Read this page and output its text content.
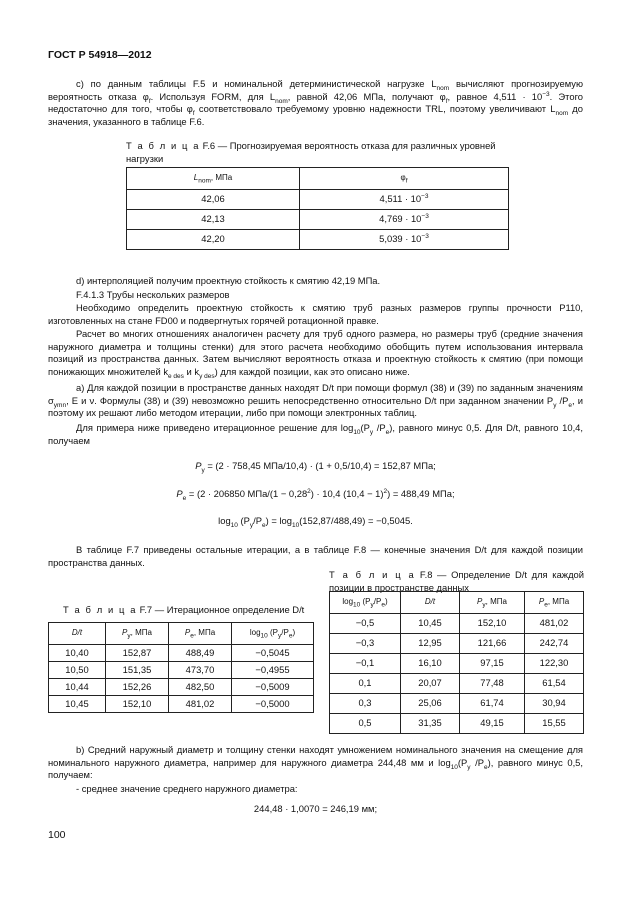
ГОСТ Р 54918—2012
c) по данным таблицы F.5 и номинальной детерминистической нагрузке $L_{nom}$ вычисляют прогнозируемую вероятность отказа $\varphi_f$. Используя FORM, для $L_{nom}$, равной 42,06 МПа, получают $\varphi_f$, равное $4,511 \cdot 10^{-3}$. Этого недостаточно для того, чтобы $\varphi_f$ соответствовало требуемому уровню надежности TRL, поэтому увеличивают $L_{nom}$ до значения, указанного в таблице F.6.
Т а б л и ц а F.6 — Прогнозируемая вероятность отказа для различных уровней нагрузки
$L_{nom}$, МПа	$\varphi_f$
42,06	$4,511 \cdot 10^{-3}$
42,13	$4,769 \cdot 10^{-3}$
42,20	$5,039 \cdot 10^{-3}$
d) интерполяцией получим проектную стойкость к смятию 42,19 МПа.
F.4.1.3 Трубы нескольких размеров
Необходимо определить проектную стойкость к смятию труб разных размеров группы прочности P110, изготовленных на стане FD00 и подвергнутых горячей ротационной правке.
Расчет во многих отношениях аналогичен расчету для труб одного размера, но размеры труб (средние значения наружного диаметра и толщины стенки) для этого расчета необходимо обобщить путем использования интервала позиций из пространства данных. Затем вычисляют вероятность отказа и проектную стойкость к смятию (при помощи понижающих множителей $k_{e des}$ и $k_{y des}$) для каждой позиции, как это описано ниже.
a) Для каждой позиции в пространстве данных находят D/t при помощи формул (38) и (39) по заданным значениям $\sigma_{ymn}$, E и ν. Формулы (38) и (39) невозможно решить непосредственно относительно D/t при заданном значении $P_y$ $/P_e$, и поэтому их решают либо методом итерации, либо при помощи электронных таблиц.
Для примера ниже приведено итерационное решение для $\log_{10}(P_y$ $/P_e$), равного минус 0,5. Для D/t, равного 10,4, получаем
$P_y = (2 \cdot 758,45$ МПа/10,4) · (1 + 0,5/10,4) = 152,87 МПа;
$P_e = (2 \cdot 206850$ $МПа/(1 - 0,28^2) \cdot 10,4$ $(10,4 - 1)^2) = 488,49$ МПа;
$\log_{10} (P_y/P_e) = \log_{10}(152,87/488,49) = -0,5045$.
В таблице F.7 приведены остальные итерации, а в таблице F.8 — конечные значения D/t для каждой позиции пространства данных.
Т а б л и ц а F.8 — Определение D/t для каждой позиции в пространстве данных
$\log_{10} (P_y/P_e)$	D/t	$P_y$, МПа	$P_e$, МПа
−0,5	10,45	152,10	481,02
−0,3	12,95	121,66	242,74
−0,1	16,10	97,15	122,30
0,1	20,07	77,48	61,54
0,3	25,06	61,74	30,94
0,5	31,35	49,15	15,55
Т а б л и ц а F.7 — Итерационное определение D/t
D/t	$P_y$, МПа	$P_e$, МПа	$\log_{10} (P_y/P_e)$
10,40	152,87	488,49	−0,5045
10,50	151,35	473,70	−0,4955
10,44	152,26	482,50	−0,5009
10,45	152,10	481,02	−0,5000
b) Средний наружный диаметр и толщину стенки находят умножением номинального значения на смещение для номинального наружного диаметра, например для наружного диаметра 244,48 мм и $\log_{10}(P_y$ $/P_e$), равного минус 0,5, получаем:
- среднее значение среднего наружного диаметра:
244,48 · 1,0070 = 246,19 мм;
100
